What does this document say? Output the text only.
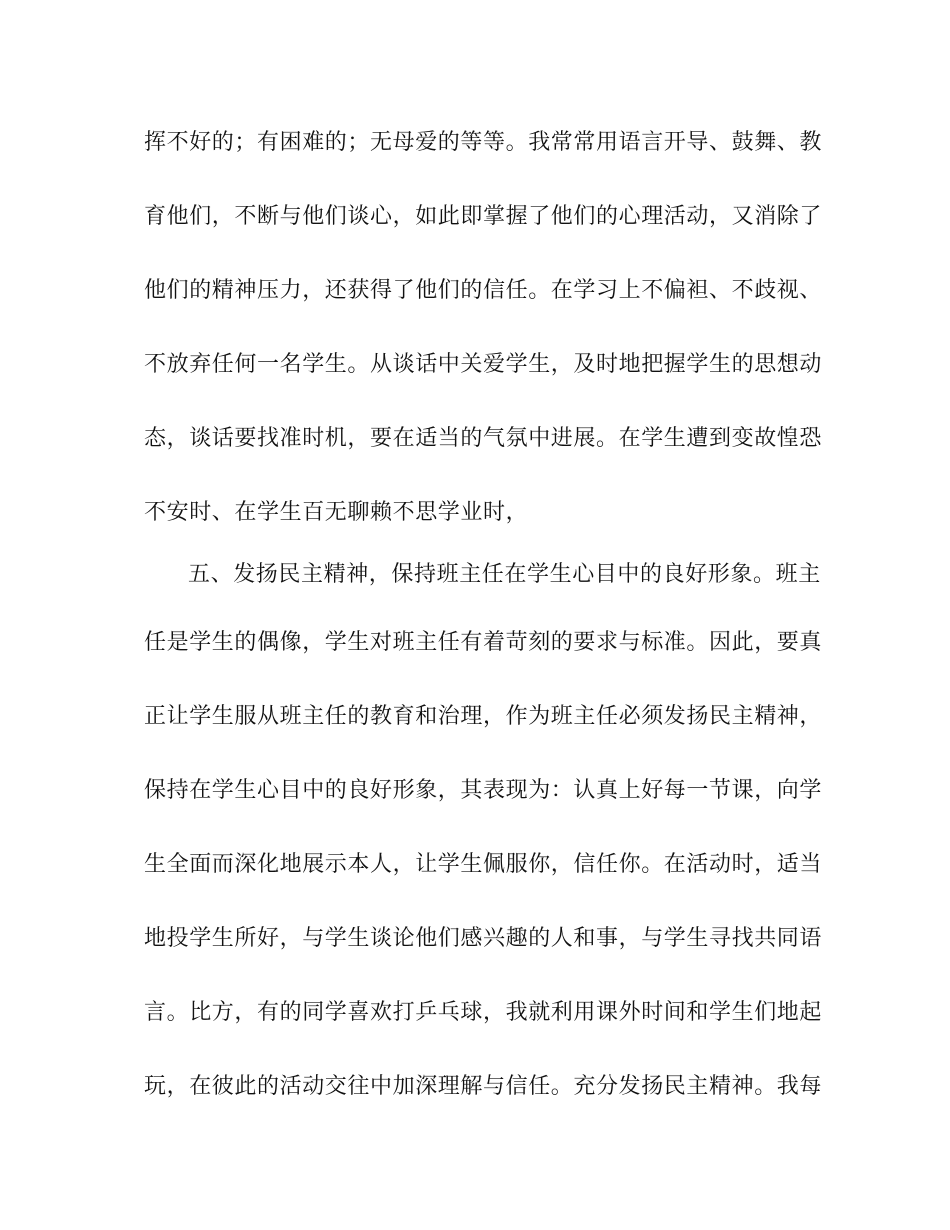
挥不好的；有困难的；无母爱的等等。我常常用语言开导、鼓舞、教
育他们，不断与他们谈心，如此即掌握了他们的心理活动，又消除了
他们的精神压力，还获得了他们的信任。在学习上不偏袒、不歧视、
不放弃任何一名学生。从谈话中关爱学生，及时地把握学生的思想动
态，谈话要找准时机，要在适当的气氛中进展。在学生遭到变故惶恐
不安时、在学生百无聊赖不思学业时，
五、发扬民主精神，保持班主任在学生心目中的良好形象。班主
任是学生的偶像，学生对班主任有着苛刻的要求与标准。因此，要真
正让学生服从班主任的教育和治理，作为班主任必须发扬民主精神，
保持在学生心目中的良好形象，其表现为：认真上好每一节课，向学
生全面而深化地展示本人，让学生佩服你，信任你。在活动时，适当
地投学生所好，与学生谈论他们感兴趣的人和事，与学生寻找共同语
言。比方，有的同学喜欢打乒乓球，我就利用课外时间和学生们地起
玩，在彼此的活动交往中加深理解与信任。充分发扬民主精神。我每
